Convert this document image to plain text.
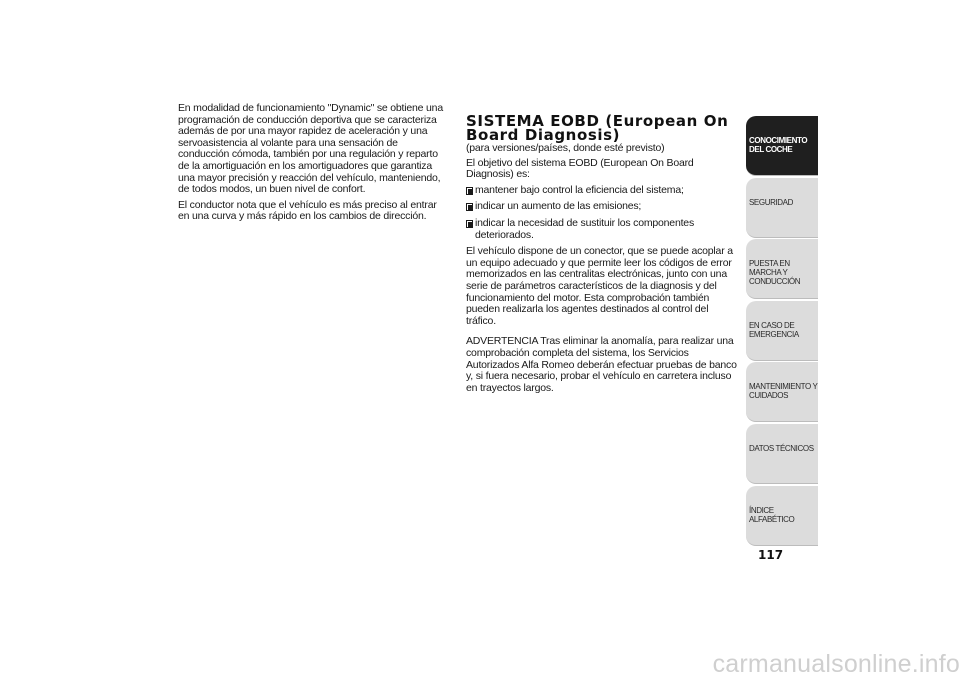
En modalidad de funcionamiento "Dynamic" se obtiene una programación de conducción deportiva que se caracteriza además de por una mayor rapidez de aceleración y una servoasistencia al volante para una sensación de conducción cómoda, también por una regulación y reparto de la amortiguación en los amortiguadores que garantiza una mayor precisión y reacción del vehículo, manteniendo, de todos modos, un buen nivel de confort.

El conductor nota que el vehículo es más preciso al entrar en una curva y más rápido en los cambios de dirección.

SISTEMA EOBD (European On Board Diagnosis)

(para versiones/países, donde esté previsto)

El objetivo del sistema EOBD (European On Board Diagnosis) es:

mantener bajo control la eficiencia del sistema;
indicar un aumento de las emisiones;
indicar la necesidad de sustituir los componentes deteriorados.

El vehículo dispone de un conector, que se puede acoplar a un equipo adecuado y que permite leer los códigos de error memorizados en las centralitas electrónicas, junto con una serie de parámetros característicos de la diagnosis y del funcionamiento del motor. Esta comprobación también pueden realizarla los agentes destinados al control del tráfico.

ADVERTENCIA Tras eliminar la anomalía, para realizar una comprobación completa del sistema, los Servicios Autorizados Alfa Romeo deberán efectuar pruebas de banco y, si fuera necesario, probar el vehículo en carretera incluso en trayectos largos.

CONOCIMIENTO DEL COCHE
SEGURIDAD
PUESTA EN MARCHA Y CONDUCCIÓN
EN CASO DE EMERGENCIA
MANTENIMIENTO Y CUIDADOS
DATOS TÉCNICOS
ÍNDICE ALFABÉTICO
117
carmanualsonline.info
